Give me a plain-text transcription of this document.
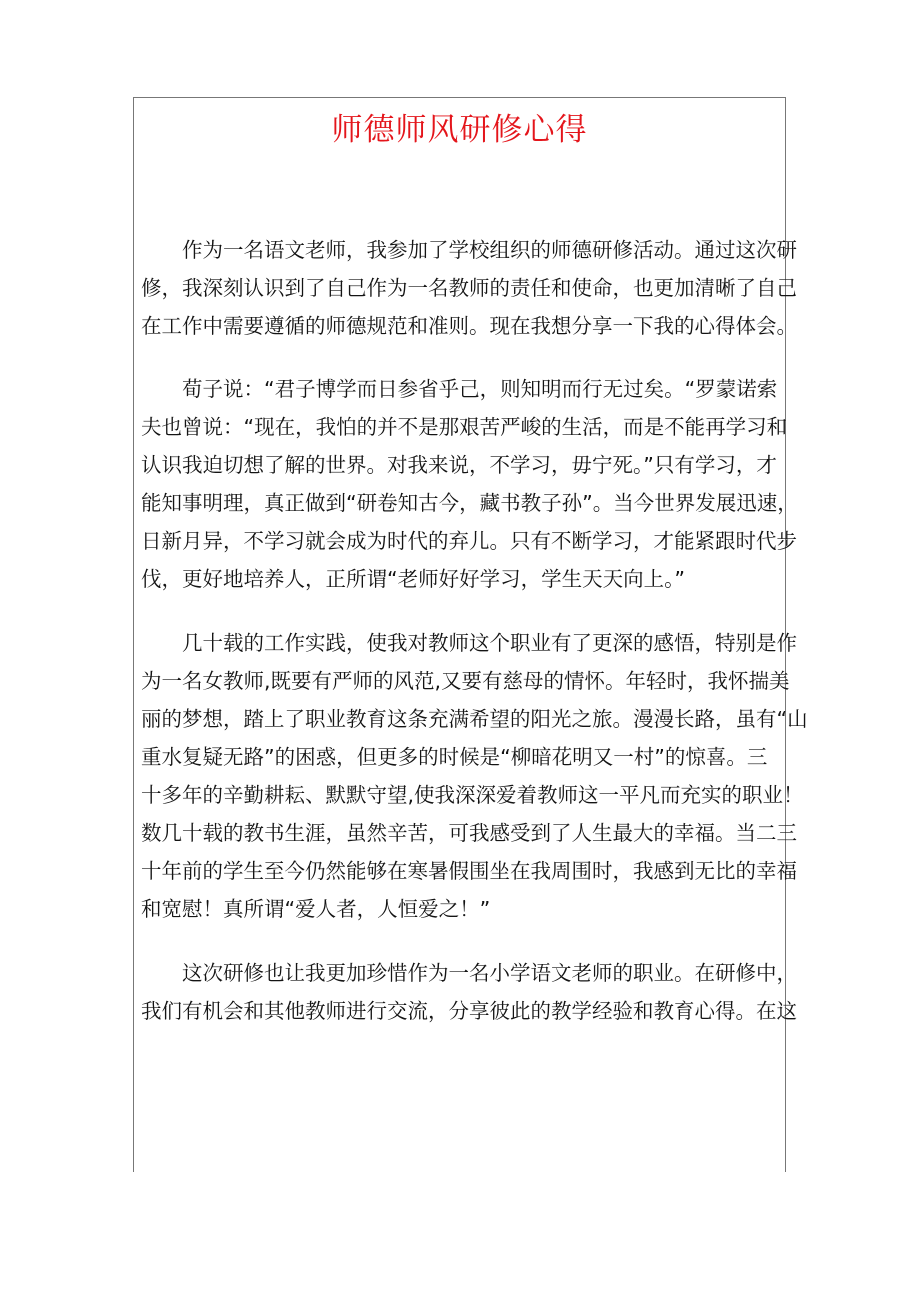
师德师风研修心得
作为一名语文老师，我参加了学校组织的师德研修活动。通过这次研
修，我深刻认识到了自己作为一名教师的责任和使命，也更加清晰了自己
在工作中需要遵循的师德规范和准则。现在我想分享一下我的心得体会。
荀子说：“君子博学而日参省乎己，则知明而行无过矣。“罗蒙诺索
夫也曾说：“现在，我怕的并不是那艰苦严峻的生活，而是不能再学习和
认识我迫切想了解的世界。对我来说，不学习，毋宁死。”只有学习，才
能知事明理，真正做到“研卷知古今，藏书教子孙”。当今世界发展迅速，
日新月异，不学习就会成为时代的弃儿。只有不断学习，才能紧跟时代步
伐，更好地培养人，正所谓“老师好好学习，学生天天向上。”
几十载的工作实践，使我对教师这个职业有了更深的感悟，特别是作
为一名女教师,既要有严师的风范,又要有慈母的情怀。年轻时，我怀揣美
丽的梦想，踏上了职业教育这条充满希望的阳光之旅。漫漫长路，虽有“山
重水复疑无路”的困惑，但更多的时候是“柳暗花明又一村”的惊喜。三
十多年的辛勤耕耘、默默守望,使我深深爱着教师这一平凡而充实的职业！
数几十载的教书生涯，虽然辛苦，可我感受到了人生最大的幸福。当二三
十年前的学生至今仍然能够在寒暑假围坐在我周围时，我感到无比的幸福
和宽慰！真所谓“爱人者，人恒爱之！”
这次研修也让我更加珍惜作为一名小学语文老师的职业。在研修中，
我们有机会和其他教师进行交流，分享彼此的教学经验和教育心得。在这
